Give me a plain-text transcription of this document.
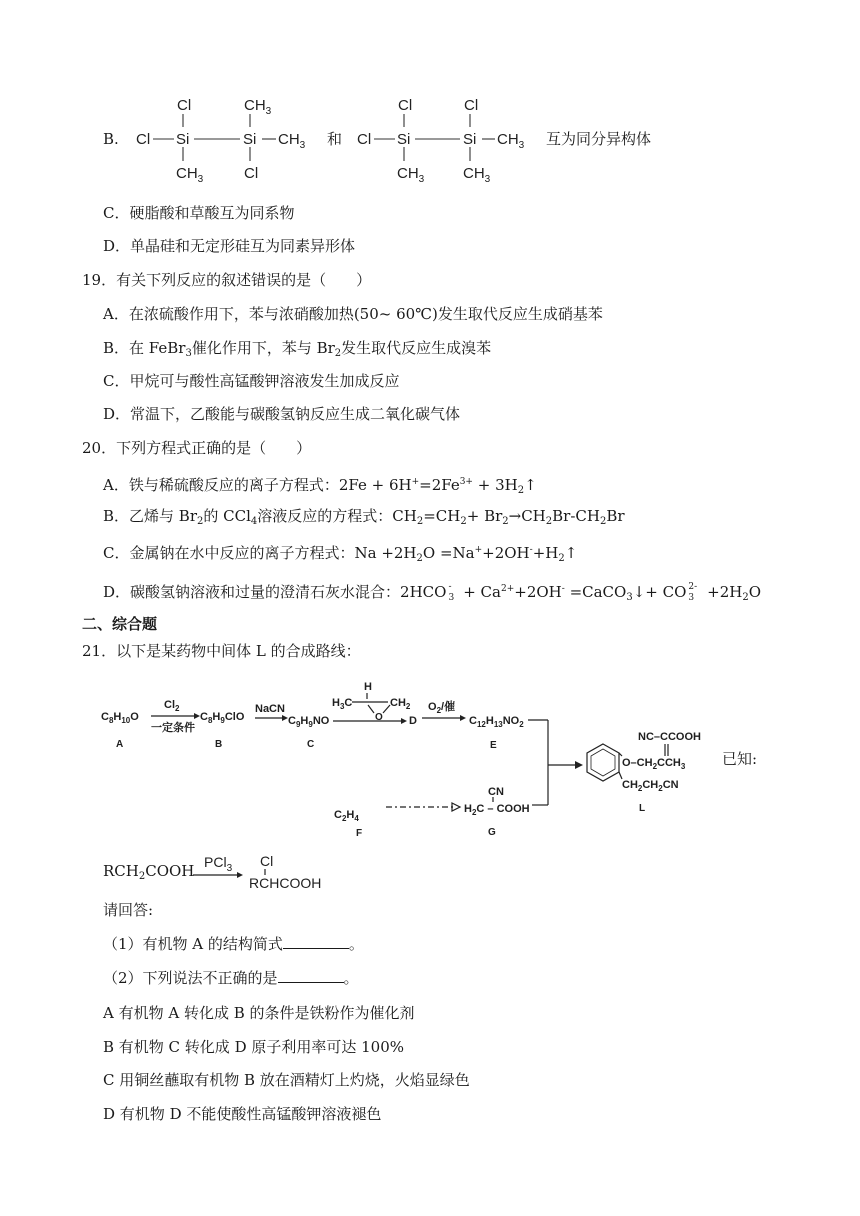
B.
Cl	$CH_3$
Cl Si	Si $CH_3$
$CH_3$	Cl
和
Cl	Cl
Cl Si	Si $CH_3$
$CH_3$	$CH_3$
互为同分异构体
C．硬脂酸和草酸互为同系物
D．单晶硅和无定形硅互为同素异形体
19．有关下列反应的叙述错误的是（　　）
A．在浓硫酸作用下，苯与浓硝酸加热(50~ 60℃)发生取代反应生成硝基苯
B．在 FeBr$_3$催化作用下，苯与 $Br_2$发生取代反应生成溴苯
C．甲烷可与酸性高锰酸钾溶液发生加成反应
D．常温下，乙酸能与碳酸氢钠反应生成二氧化碳气体
20．下列方程式正确的是（　　）
A．铁与稀硫酸反应的离子方程式：$2Fe + 6H^+=2Fe^{3+}$ + $3H_2↑$
B．乙烯与 $Br_2$的 CCl$_4$溶液反应的方程式：$CH_2=CH_2+ Br_2\to CH_2Br-CH_2Br$
C．金属钠在水中反应的离子方程式：$Na +2H_2O$ $=Na^++2OH^-+H_2↑$
D．碳酸氢钠溶液和过量的澄清石灰水混合：2HCO -
$3 + Ca^{2+}+2OH^-$ =CaCO$_3$↓+ CO 2-
$3 +2H_2O$
二、综合题
21．以下是某药物中间体 L 的合成路线：
$C_8H_{10}O$
A
$Cl_2$
一定条件
$C_8H_9ClO$
B
NaCN
$C_9H_9NO$
C
H
$H_3C$	$CH_2$
O D
$O_2/$催
$C_{12}H_{13}NO_2$
E
$C_2H_4$
F
CN
$H_2C$ – COOH
G
NC–CCOOH
$O-CH_2CCH_3$
$CH_2CH_2CN$
L
已知:
$RCH_2COOH$ PCl$_3$ Cl
RCHCOOH
请回答:
（1）有机物 A 的结构简式	。
（2）下列说法不正确的是	。
A 有机物 A 转化成 B 的条件是铁粉作为催化剂
B 有机物 C 转化成 D 原子利用率可达 100%
C 用铜丝蘸取有机物 B 放在酒精灯上灼烧，火焰显绿色
D 有机物 D 不能使酸性高锰酸钾溶液褪色
